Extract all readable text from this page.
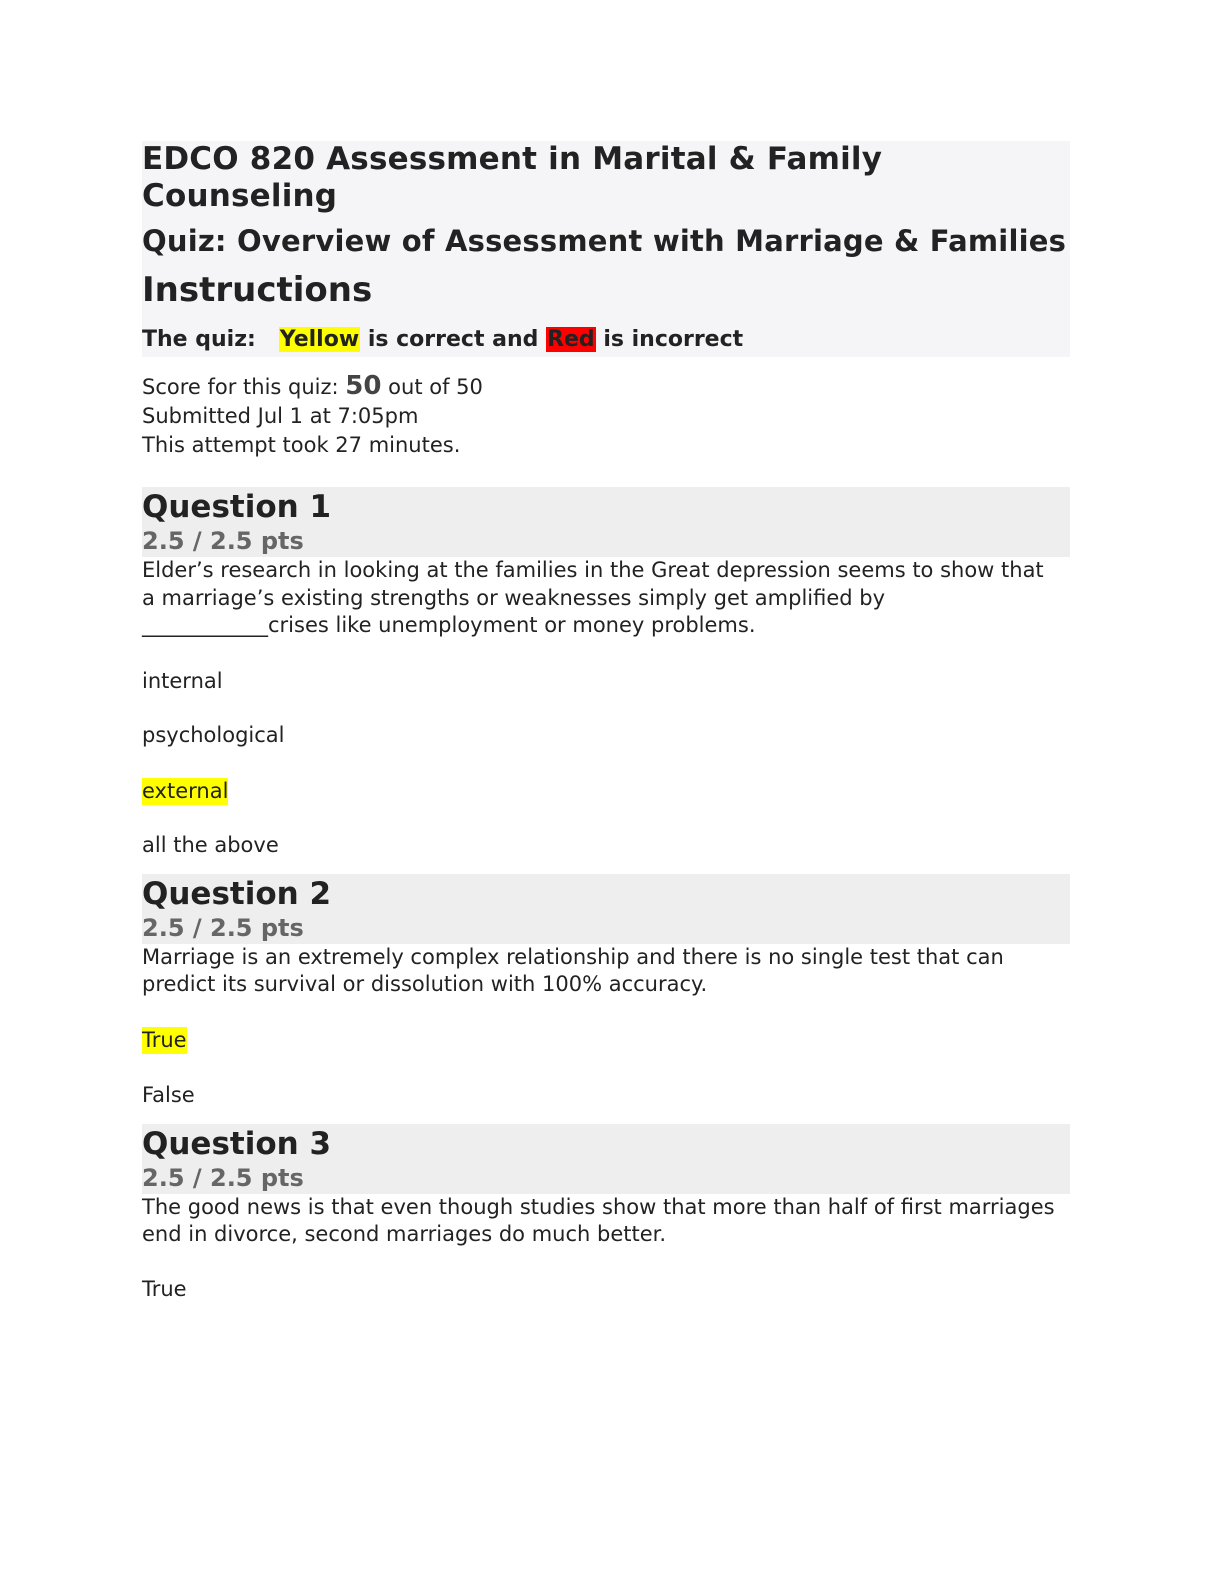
EDCO 820 Assessment in Marital & Family Counseling
Quiz: Overview of Assessment with Marriage & Families
Instructions

The quiz: Yellow is correct and Red is incorrect

Score for this quiz: 50 out of 50
Submitted Jul 1 at 7:05pm
This attempt took 27 minutes.
Question 1
2.5 / 2.5 pts

Elder’s research in looking at the families in the Great depression seems to show that a marriage’s existing strengths or weaknesses simply get amplified by ____________crises like unemployment or money problems.

internal

psychological

external

all the above

Question 2
2.5 / 2.5 pts

Marriage is an extremely complex relationship and there is no single test that can predict its survival or dissolution with 100% accuracy.

True

False

Question 3
2.5 / 2.5 pts

The good news is that even though studies show that more than half of first marriages end in divorce, second marriages do much better.

True
